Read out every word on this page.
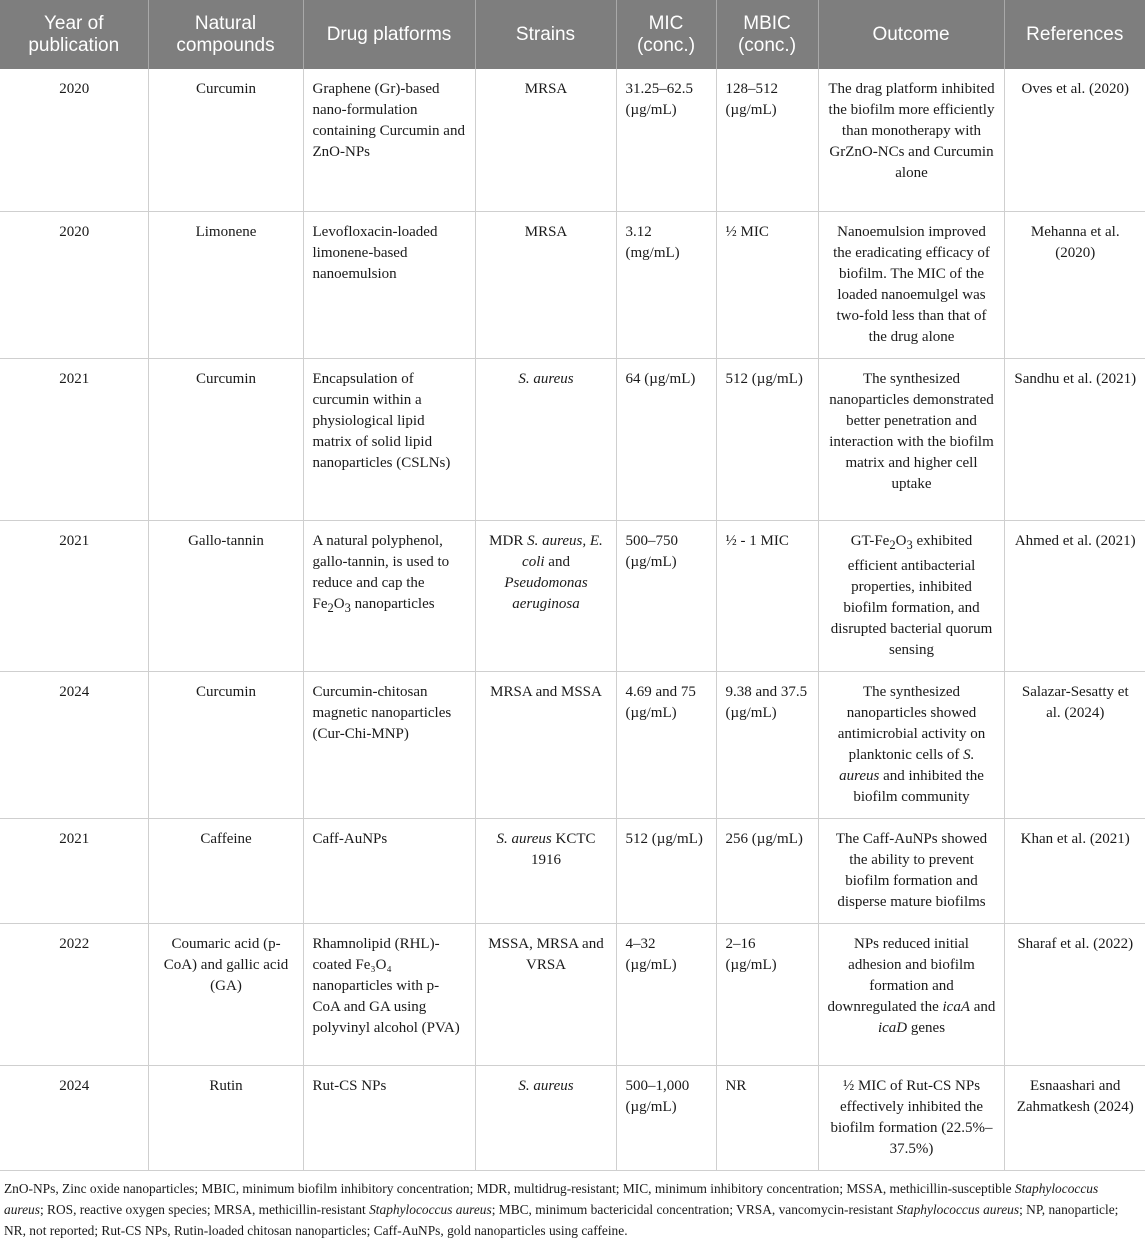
Year of publication	Natural compounds	Drug platforms	Strains	MIC (conc.)	MBIC (conc.)	Outcome	References
2020	Curcumin	Graphene (Gr)-based nano-formulation containing Curcumin and ZnO-NPs	MRSA	31.25–62.5 (µg/mL)	128–512 (µg/mL)	The drag platform inhibited the biofilm more efficiently than monotherapy with GrZnO-NCs and Curcumin alone	Oves et al. (2020)
2020	Limonene	Levofloxacin-loaded limonene-based nanoemulsion	MRSA	3.12 (mg/mL)	½ MIC	Nanoemulsion improved the eradicating efficacy of biofilm. The MIC of the loaded nanoemulgel was two-fold less than that of the drug alone	Mehanna et al. (2020)
2021	Curcumin	Encapsulation of curcumin within a physiological lipid matrix of solid lipid nanoparticles (CSLNs)	S. aureus	64 (µg/mL)	512 (µg/mL)	The synthesized nanoparticles demonstrated better penetration and interaction with the biofilm matrix and higher cell uptake	Sandhu et al. (2021)
2021	Gallo-tannin	A natural polyphenol, gallo-tannin, is used to reduce and cap the $Fe_2O_3$ nanoparticles	MDR S. aureus, E. coli and Pseudomonas aeruginosa	500–750 (µg/mL)	½ - 1 MIC	$GT-Fe_2O_3$ exhibited efficient antibacterial properties, inhibited biofilm formation, and disrupted bacterial quorum sensing	Ahmed et al. (2021)
2024	Curcumin	Curcumin-chitosan magnetic nanoparticles (Cur-Chi-MNP)	MRSA and MSSA	4.69 and 75 (µg/mL)	9.38 and 37.5 (µg/mL)	The synthesized nanoparticles showed antimicrobial activity on planktonic cells of S. aureus and inhibited the biofilm community	Salazar-Sesatty et al. (2024)
2021	Caffeine	Caff-AuNPs	S. aureus KCTC 1916	512 (µg/mL)	256 (µg/mL)	The Caff-AuNPs showed the ability to prevent biofilm formation and disperse mature biofilms	Khan et al. (2021)
2022	Coumaric acid (p-CoA) and gallic acid (GA)	Rhamnolipid (RHL)-coated Fe₃O₄ nanoparticles with p-CoA and GA using polyvinyl alcohol (PVA)	MSSA, MRSA and VRSA	4–32 (µg/mL)	2–16 (µg/mL)	NPs reduced initial adhesion and biofilm formation and downregulated the icaA and icaD genes	Sharaf et al. (2022)
2024	Rutin	Rut-CS NPs	S. aureus	500–1,000 (µg/mL)	NR	½ MIC of Rut-CS NPs effectively inhibited the biofilm formation (22.5%–37.5%)	Esnaashari and Zahmatkesh (2024)
ZnO-NPs, Zinc oxide nanoparticles; MBIC, minimum biofilm inhibitory concentration; MDR, multidrug-resistant; MIC, minimum inhibitory concentration; MSSA, methicillin-susceptible Staphylococcus aureus; ROS, reactive oxygen species; MRSA, methicillin-resistant Staphylococcus aureus; MBC, minimum bactericidal concentration; VRSA, vancomycin-resistant Staphylococcus aureus; NP, nanoparticle; NR, not reported; Rut-CS NPs, Rutin-loaded chitosan nanoparticles; Caff-AuNPs, gold nanoparticles using caffeine.
